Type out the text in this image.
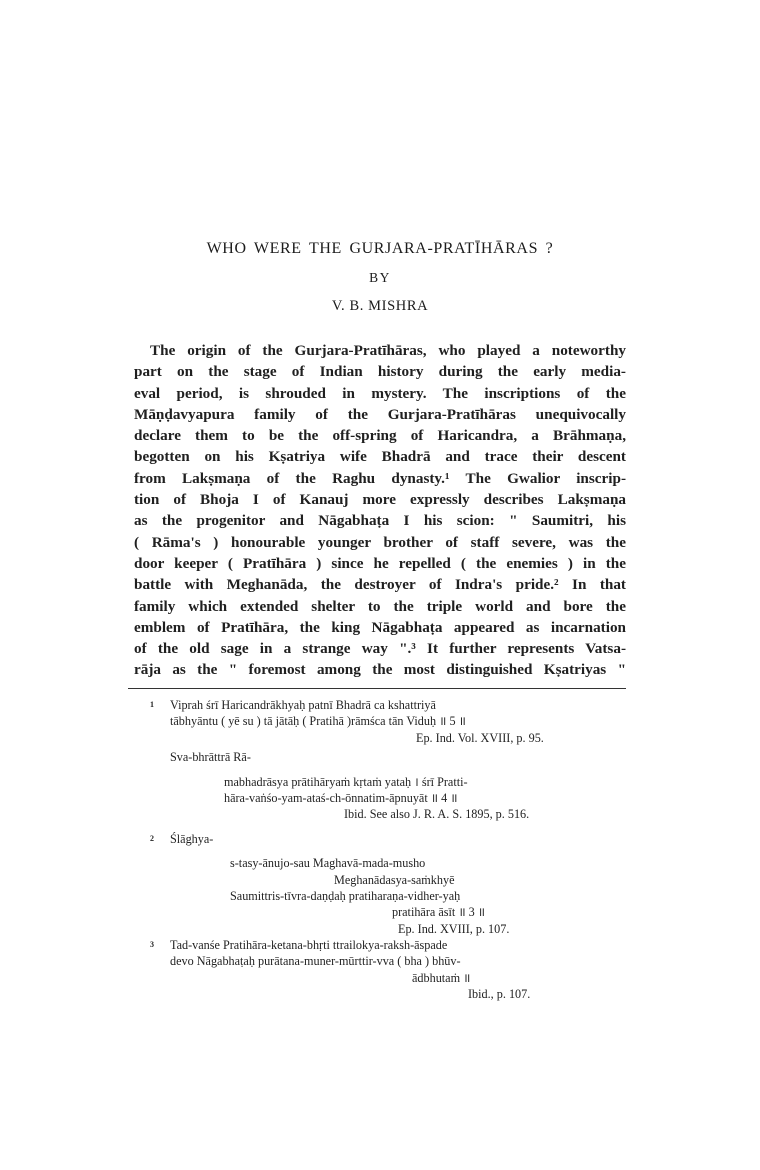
WHO WERE THE GURJARA-PRATĪHĀRAS ?
BY
V. B. MISHRA
The origin of the Gurjara-Pratīhāras, who played a noteworthy
part on the stage of Indian history during the early media-
eval period, is shrouded in mystery. The inscriptions of the
Māṇḍavyapura family of the Gurjara-Pratīhāras unequivocally
declare them to be the off-spring of Haricandra, a Brāhmaṇa,
begotten on his Kṣatriya wife Bhadrā and trace their descent
from Lakṣmaṇa of the Raghu dynasty.¹ The Gwalior inscrip-
tion of Bhoja I of Kanauj more expressly describes Lakṣmaṇa
as the progenitor and Nāgabhaṭa I his scion: " Saumitri, his
( Rāma's ) honourable younger brother of staff severe, was the
door keeper ( Pratīhāra ) since he repelled ( the enemies ) in the
battle with Meghanāda, the destroyer of Indra's pride.² In that
family which extended shelter to the triple world and bore the
emblem of Pratīhāra, the king Nāgabhaṭa appeared as incarnation
of the old sage in a strange way ".³ It further represents Vatsa-
rāja as the " foremost among the most distinguished Kṣatriyas "
1 Viprah śrī Haricandrākhyaḥ patnī Bhadrā ca kshattriyā
tābhyāntu ( yē su ) tā jātāḥ ( Pratihā )rāmśca tān Viduḥ ॥ 5 ॥
Ep. Ind. Vol. XVIII, p. 95.
Sva-bhrāttrā Rā-
mabhadrāsya prātihāryaṁ kṛtaṁ yataḥ । śrī Pratti-
hāra-vaṅśo-yam-ataś-ch-ōnnatim-āpnuyāt ॥ 4 ॥
Ibid. See also J. R. A. S. 1895, p. 516.
2 Ślāghya-
s-tasy-ānujo-sau Maghavā-mada-musho
Meghanādasya-saṁkhyē
Saumittris-tīvra-daṇḍaḥ pratiharaṇa-vidher-yaḥ
pratihāra āsīt ॥ 3 ॥
Ep. Ind. XVIII, p. 107.
3 Tad-vanśe Pratihāra-ketana-bhṛti ttrailokya-raksh-āspade
devo Nāgabhaṭaḥ purātana-muner-mūrttir-vva ( bha ) bhūv-
ādbhutaṁ ॥
Ibid., p. 107.
